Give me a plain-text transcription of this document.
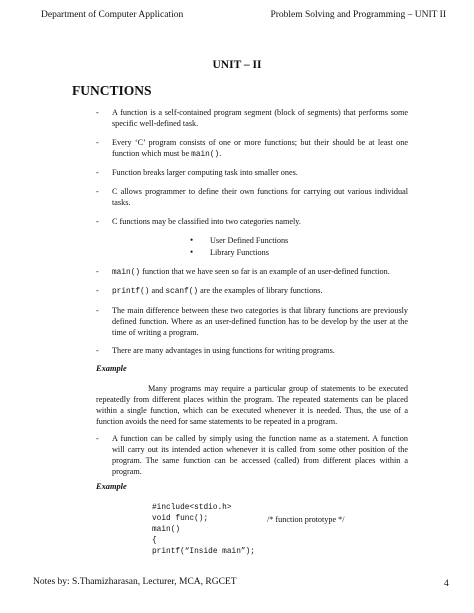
Department of Computer Application	Problem Solving and Programming – UNIT II
UNIT – II
FUNCTIONS
- A function is a self-contained program segment (block of segments) that performs some specific well-defined task.
- Every ‘C’ program consists of one or more functions; but their should be at least one function which must be main().
- Function breaks larger computing task into smaller ones.
- C allows programmer to define their own functions for carrying out various individual tasks.
- C functions may be classified into two categories namely.
• User Defined Functions
• Library Functions
- main() function that we have seen so far is an example of an user-defined function.
- printf() and scanf() are the examples of library functions.
- The main difference between these two categories is that library functions are previously defined function. Where as an user-defined function has to be develop by the user at the time of writing a program.
- There are many advantages in using functions for writing programs.
Example
Many programs may require a particular group of statements to be executed repeatedly from different places within the program. The repeated statements can be placed within a single function, which can be executed whenever it is needed. Thus, the use of a function avoids the need for same statements to be repeated in a program.
- A function can be called by simply using the function name as a statement. A function will carry out its intended action whenever it is called from some other position of the program. The same function can be accessed (called) from different places within a program.
Example
#include<stdio.h>
void func();	/* function prototype */
main()
{
printf(“Inside main”);
Notes by: S.Thamizharasan, Lecturer, MCA, RGCET	4
